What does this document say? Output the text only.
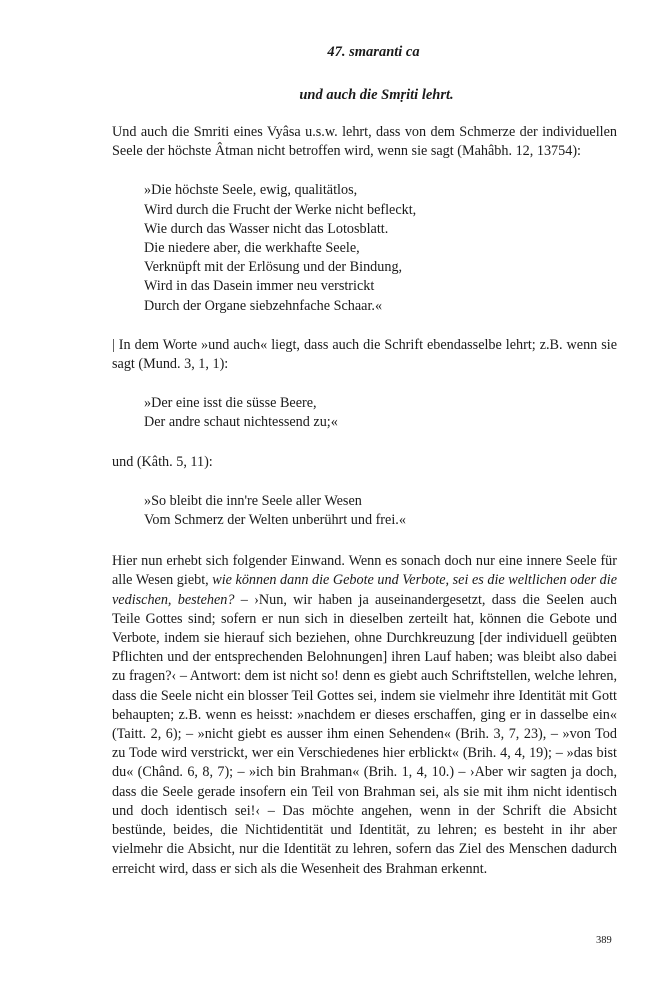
47. smaranti ca
und auch die Smṛiti lehrt.

Und auch die Smriti eines Vyâsa u.s.w. lehrt, dass von dem Schmerze der individuellen Seele der höchste Âtman nicht betroffen wird, wenn sie sagt (Mahâbh. 12, 13754):

»Die höchste Seele, ewig, qualitätlos,
Wird durch die Frucht der Werke nicht befleckt,
Wie durch das Wasser nicht das Lotosblatt.
Die niedere aber, die werkhafte Seele,
Verknüpft mit der Erlösung und der Bindung,
Wird in das Dasein immer neu verstrickt
Durch der Organe siebzehnfache Schaar.«

| In dem Worte »und auch« liegt, dass auch die Schrift ebendasselbe lehrt; z.B. wenn sie sagt (Mund. 3, 1, 1):

»Der eine isst die süsse Beere,
Der andre schaut nichtessend zu;«

und (Kâth. 5, 11):

»So bleibt die inn're Seele aller Wesen
Vom Schmerz der Welten unberührt und frei.«

Hier nun erhebt sich folgender Einwand. Wenn es sonach doch nur eine innere Seele für alle Wesen giebt, wie können dann die Gebote und Verbote, sei es die weltlichen oder die vedischen, bestehen? – ›Nun, wir haben ja auseinandergesetzt, dass die Seelen auch Teile Gottes sind; sofern er nun sich in dieselben zerteilt hat, können die Gebote und Verbote, indem sie hierauf sich beziehen, ohne Durchkreuzung [der individuell geübten Pflichten und der entsprechenden Belohnungen] ihren Lauf haben; was bleibt also dabei zu fragen?‹ – Antwort: dem ist nicht so! denn es giebt auch Schriftstellen, welche lehren, dass die Seele nicht ein blosser Teil Gottes sei, indem sie vielmehr ihre Identität mit Gott behaupten; z.B. wenn es heisst: »nachdem er dieses erschaffen, ging er in dasselbe ein« (Taitt. 2, 6); – »nicht giebt es ausser ihm einen Sehenden« (Brih. 3, 7, 23), – »von Tod zu Tode wird verstrickt, wer ein Verschiedenes hier erblickt« (Brih. 4, 4, 19); – »das bist du« (Chând. 6, 8, 7); – »ich bin Brahman« (Brih. 1, 4, 10.) – ›Aber wir sagten ja doch, dass die Seele gerade insofern ein Teil von Brahman sei, als sie mit ihm nicht identisch und doch identisch sei!‹ – Das möchte angehen, wenn in der Schrift die Absicht bestünde, beides, die Nichtidentität und Identität, zu lehren; es besteht in ihr aber vielmehr die Absicht, nur die Identität zu lehren, sofern das Ziel des Menschen dadurch erreicht wird, dass er sich als die Wesenheit des Brahman erkennt.

389
